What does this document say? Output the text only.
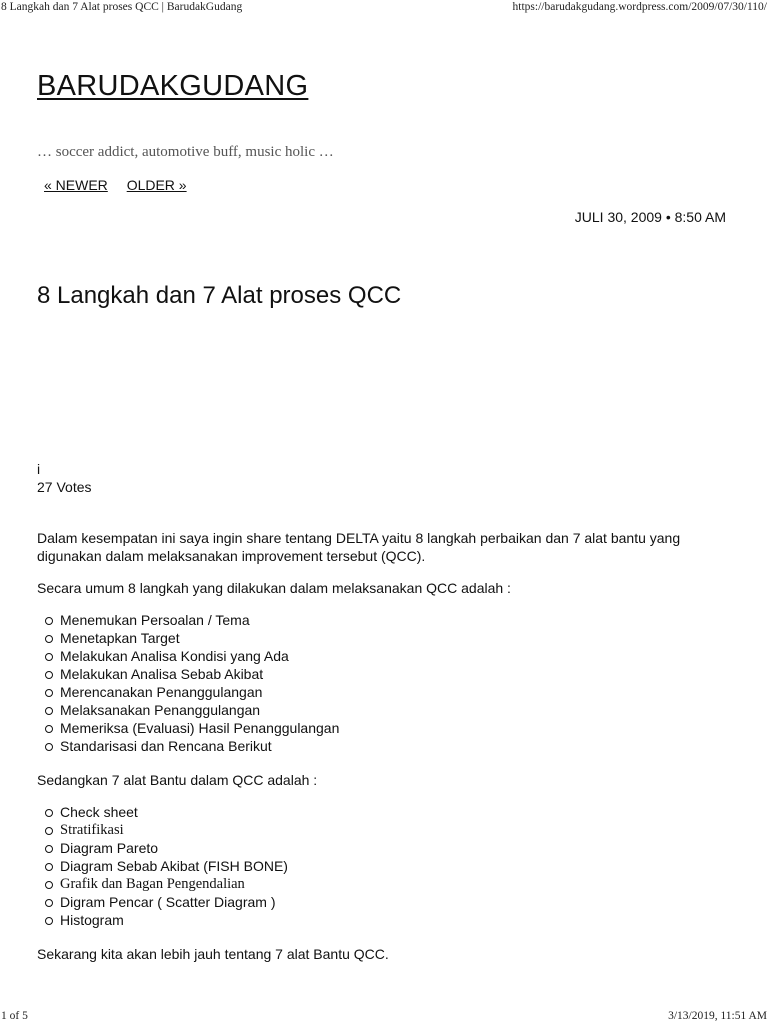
8 Langkah dan 7 Alat proses QCC | BarudakGudang	https://barudakgudang.wordpress.com/2009/07/30/110/
BARUDAKGUDANG
… soccer addict, automotive buff, music holic …
« NEWER OLDER »
JULI 30, 2009 • 8:50 AM
8 Langkah dan 7 Alat proses QCC
i
27 Votes

Dalam kesempatan ini saya ingin share tentang DELTA yaitu 8 langkah perbaikan dan 7 alat bantu yang digunakan dalam melaksanakan improvement tersebut (QCC).

Secara umum 8 langkah yang dilakukan dalam melaksanakan QCC adalah :

Menemukan Persoalan / Tema
Menetapkan Target
Melakukan Analisa Kondisi yang Ada
Melakukan Analisa Sebab Akibat
Merencanakan Penanggulangan
Melaksanakan Penanggulangan
Memeriksa (Evaluasi) Hasil Penanggulangan
Standarisasi dan Rencana Berikut

Sedangkan 7 alat Bantu dalam QCC adalah :

Check sheet
Stratifikasi
Diagram Pareto
Diagram Sebab Akibat (FISH BONE)
Grafik dan Bagan Pengendalian
Digram Pencar ( Scatter Diagram )
Histogram

Sekarang kita akan lebih jauh tentang 7 alat Bantu QCC.

1 of 5	3/13/2019, 11:51 AM
